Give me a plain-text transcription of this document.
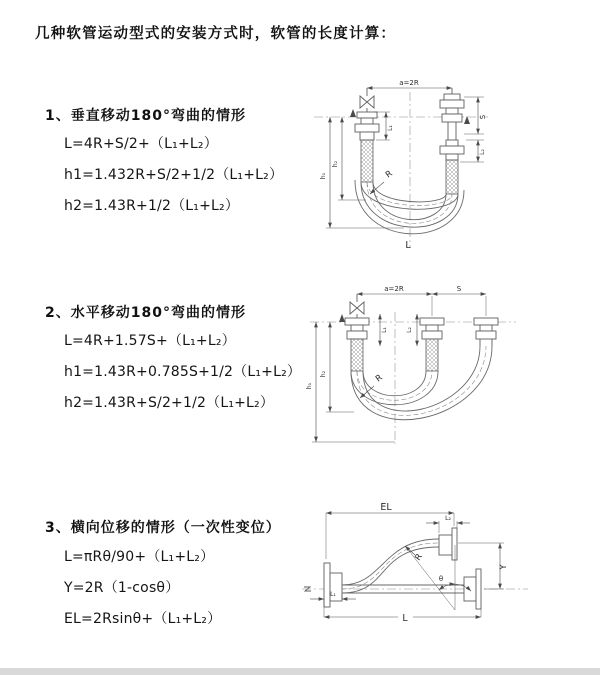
几种软管运动型式的安装方式时，软管的长度计算：
1、垂直移动180°弯曲的情形
L=4R+S/2+（L₁+L₂）
h1=1.432R+S/2+1/2（L₁+L₂）
h2=1.43R+1/2（L₁+L₂）
a=2R
L₁
S
L₂
h₁
h₂
R
L
2、水平移动180°弯曲的情形
L=4R+1.57S+（L₁+L₂）
h1=1.43R+0.785S+1/2（L₁+L₂）
h2=1.43R+S/2+1/2（L₁+L₂）
a=2R	S
L₁	L₂
h₁
h₂	R
3、横向位移的情形（一次性变位）
L=πRθ/90+（L₁+L₂）
Y=2R（1-cosθ）
EL=2Rsinθ+（L₁+L₂）
EL
L₂
Y
R
θ
L₁
L
